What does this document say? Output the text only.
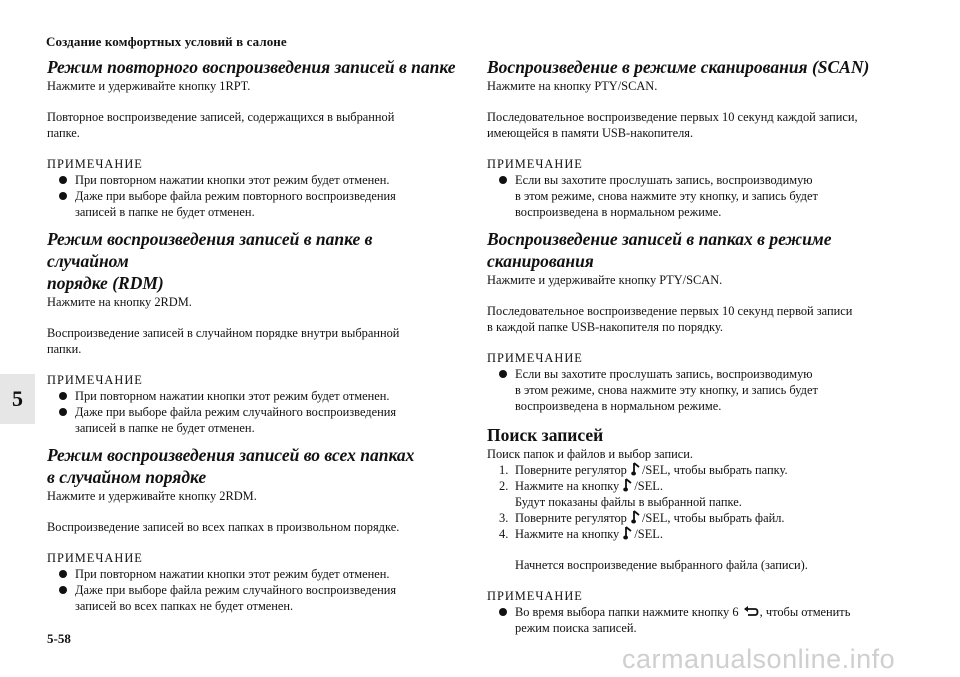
Создание комфортных условий в салоне
5
Режим повторного воспроизведения записей в папке

Нажмите и удерживайте кнопку 1RPT.

Повторное воспроизведение записей, содержащихся в выбранной

папке.

ПРИМЕЧАНИЕ

При повторном нажатии кнопки этот режим будет отменен.
Даже при выборе файла режим повторного воспроизведения
записей в папке не будет отменен.
Режим воспроизведения записей в папке в случайном
порядке (RDM)

Нажмите на кнопку 2RDM.

Воспроизведение записей в случайном порядке внутри выбранной

папки.

ПРИМЕЧАНИЕ

При повторном нажатии кнопки этот режим будет отменен.
Даже при выборе файла режим случайного воспроизведения
записей в папке не будет отменен.
Режим воспроизведения записей во всех папках
в случайном порядке

Нажмите и удерживайте кнопку 2RDM.

Воспроизведение записей во всех папках в произвольном порядке.

ПРИМЕЧАНИЕ

При повторном нажатии кнопки этот режим будет отменен.
Даже при выборе файла режим случайного воспроизведения
записей во всех папках не будет отменен.
Воспроизведение в режиме сканирования (SCAN)

Нажмите на кнопку PTY/SCAN.

Последовательное воспроизведение первых 10 секунд каждой записи,

имеющейся в памяти USB-накопителя.

ПРИМЕЧАНИЕ

Если вы захотите прослушать запись, воспроизводимую
в этом режиме, снова нажмите эту кнопку, и запись будет
воспроизведена в нормальном режиме.
Воспроизведение записей в папках в режиме
сканирования

Нажмите и удерживайте кнопку PTY/SCAN.

Последовательное воспроизведение первых 10 секунд первой записи

в каждой папке USB-накопителя по порядку.

ПРИМЕЧАНИЕ

Если вы захотите прослушать запись, воспроизводимую
в этом режиме, снова нажмите эту кнопку, и запись будет
воспроизведена в нормальном режиме.
Поиск записей

Поиск папок и файлов и выбор записи.

1. Поверните регулятор /SEL, чтобы выбрать папку.
2. Нажмите на кнопку /SEL.
Будут показаны файлы в выбранной папке.
3. Поверните регулятор /SEL, чтобы выбрать файл.
4. Нажмите на кнопку /SEL.

Начнется воспроизведение выбранного файла (записи).

ПРИМЕЧАНИЕ

Во время выбора папки нажмите кнопку 6 , чтобы отменить
режим поиска записей.
5-58
carmanualsonline.info
